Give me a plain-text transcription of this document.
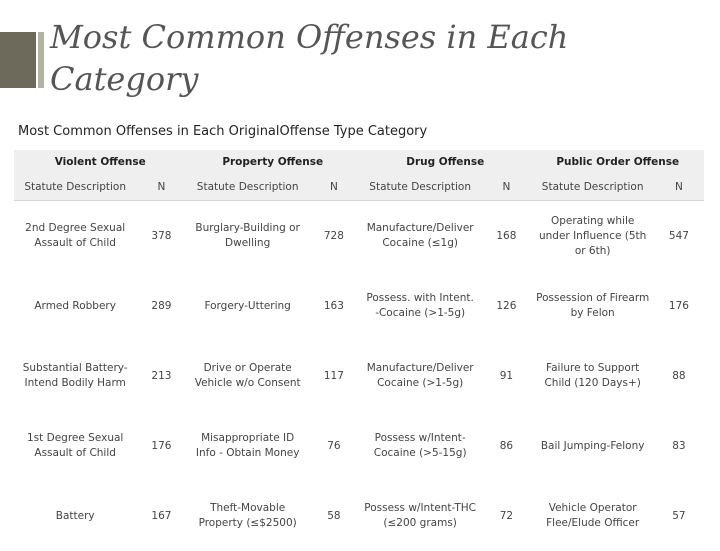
Most Common Offenses in Each Category
Most Common Offenses in Each OriginalOffense Type Category
Violent Offense		Property Offense		Drug Offense		Public Order Offense	
Statute Description	N	Statute Description	N	Statute Description	N	Statute Description	N
2nd Degree Sexual Assault of Child	378	Burglary-Building or Dwelling	728	Manufacture/Deliver Cocaine (≤1g)	168	Operating while under Influence (5th or 6th)	547
Armed Robbery	289	Forgery-Uttering	163	Possess. with Intent. -Cocaine (>1-5g)	126	Possession of Firearm by Felon	176
Substantial Battery-Intend Bodily Harm	213	Drive or Operate Vehicle w/o Consent	117	Manufacture/Deliver Cocaine (>1-5g)	91	Failure to Support Child (120 Days+)	88
1st Degree Sexual Assault of Child	176	Misappropriate ID Info - Obtain Money	76	Possess w/Intent-Cocaine (>5-15g)	86	Bail Jumping-Felony	83
Battery	167	Theft-Movable Property (≤$2500)	58	Possess w/Intent-THC (≤200 grams)	72	Vehicle Operator Flee/Elude Officer	57
